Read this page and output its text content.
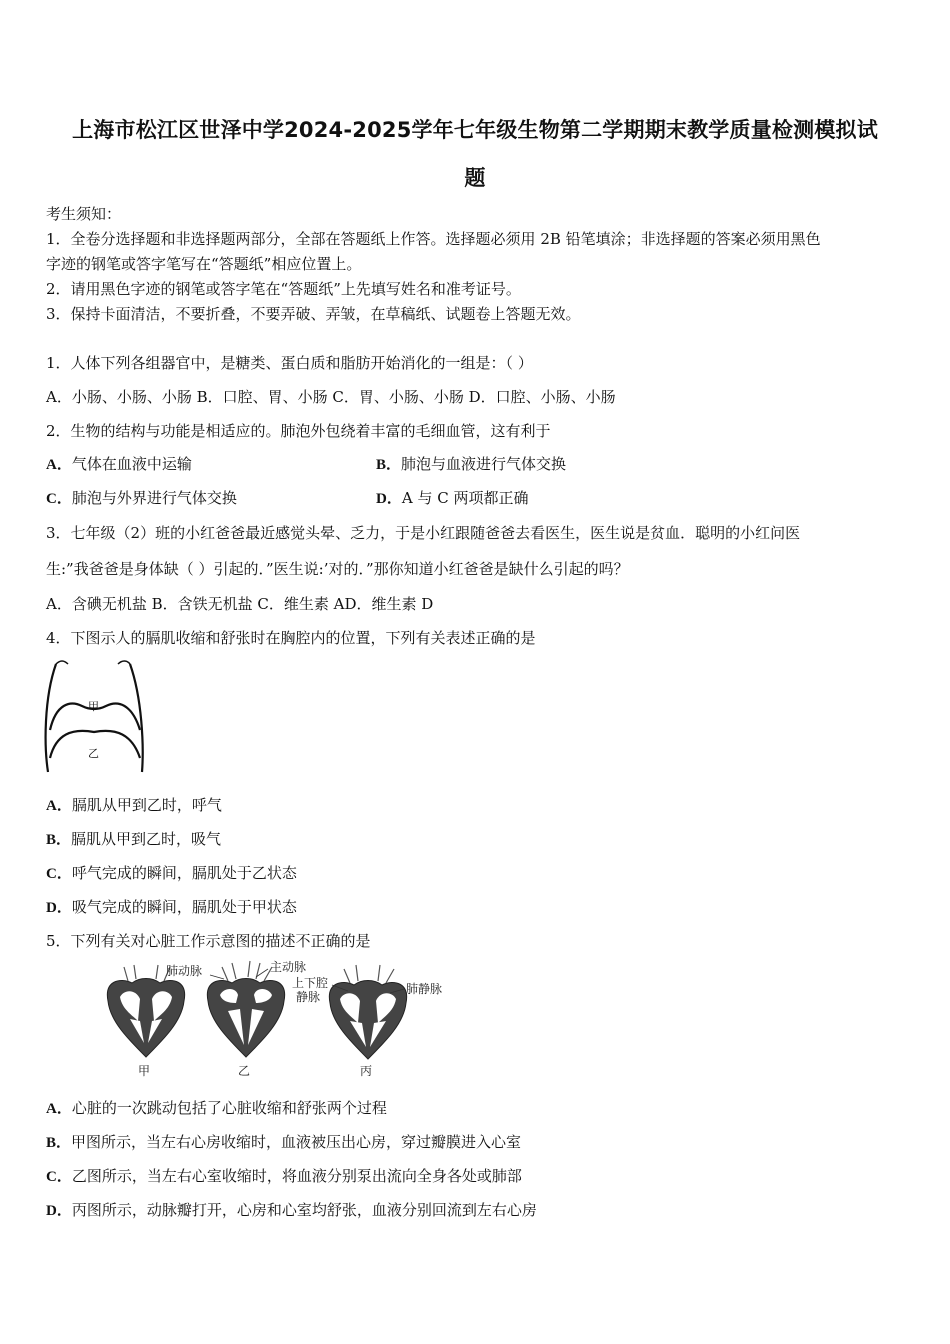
上海市松江区世泽中学2024-2025学年七年级生物第二学期期末教学质量检测模拟试
题
考生须知：
1．全卷分选择题和非选择题两部分，全部在答题纸上作答。选择题必须用 2B 铅笔填涂；非选择题的答案必须用黑色
字迹的钢笔或答字笔写在“答题纸”相应位置上。
2．请用黑色字迹的钢笔或答字笔在“答题纸”上先填写姓名和准考证号。
3．保持卡面清洁，不要折叠，不要弄破、弄皱，在草稿纸、试题卷上答题无效。
1．人体下列各组器官中，是糖类、蛋白质和脂肪开始消化的一组是：（ ）
A．小肠、小肠、小肠 B．口腔、胃、小肠 C．胃、小肠、小肠 D．口腔、小肠、小肠
2．生物的结构与功能是相适应的。肺泡外包绕着丰富的毛细血管，这有利于
A．气体在血液中运输	B．肺泡与血液进行气体交换
C．肺泡与外界进行气体交换	D．A 与 C 两项都正确
3．七年级（2）班的小红爸爸最近感觉头晕、乏力，于是小红跟随爸爸去看医生，医生说是贫血．聪明的小红问医
生:”我爸爸是身体缺（ ）引起的．”医生说:’对的．”那你知道小红爸爸是缺什么引起的吗？
A．含碘无机盐 B．含铁无机盐 C．维生素 AD．维生素 D
4．下图示人的膈肌收缩和舒张时在胸腔内的位置，下列有关表述正确的是
甲
乙
A．膈肌从甲到乙时，呼气
B．膈肌从甲到乙时，吸气
C．呼气完成的瞬间，膈肌处于乙状态
D．吸气完成的瞬间，膈肌处于甲状态
5．下列有关对心脏工作示意图的描述不正确的是
肺动脉	主动脉
上下腔
静脉
肺静脉
甲	乙	丙
A．心脏的一次跳动包括了心脏收缩和舒张两个过程
B．甲图所示，当左右心房收缩时，血液被压出心房，穿过瓣膜进入心室
C．乙图所示，当左右心室收缩时，将血液分别泵出流向全身各处或肺部
D．丙图所示，动脉瓣打开，心房和心室均舒张，血液分别回流到左右心房
